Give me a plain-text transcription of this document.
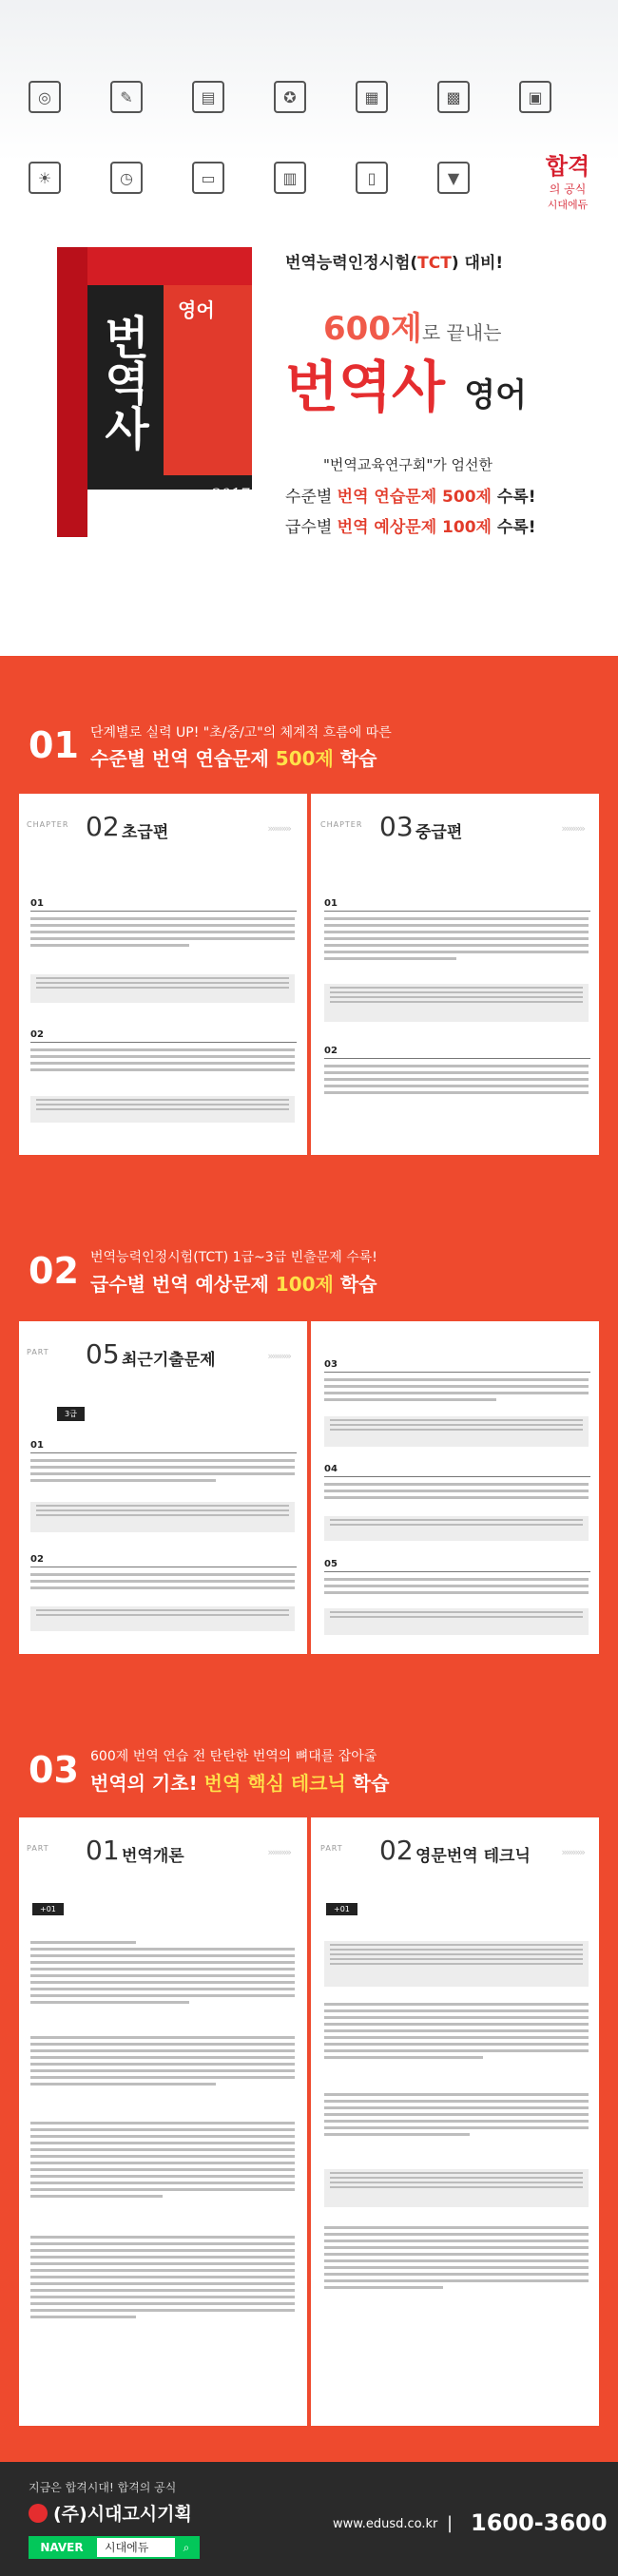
◎	✎	▤	✪	▦	▩	▣
☀	◷	▭	▥	▯	▼	합격
의 공식
시대에듀
번역사
영어
2017
번역능력인정시험(TCT) 대비!
600제로 끝내는
번역사 영어
"번역교육연구회"가 엄선한
수준별 번역 연습문제 500제 수록!
급수별 번역 예상문제 100제 수록!
01 단계별로 실력 UP! "초/중/고"의 체계적 흐름에 따른
수준별 번역 연습문제 500제 학습
CHAPTER 02 초급편	»»»»»
01
02
CHAPTER 03 중급편	»»»»»
01
02
02 번역능력인정시험(TCT) 1급~3급 빈출문제 수록!
급수별 번역 예상문제 100제 학습
PART 05 최근기출문제	»»»»»
3급
01
02
03
04
05
03 600제 번역 연습 전 탄탄한 번역의 뼈대를 잡아줄
번역의 기초! 번역 핵심 테크닉 학습
PART 01 번역개론	»»»»»
+01
PART 02 영문번역 테크닉	»»»»»
+01
지금은 합격시대! 합격의 공식
(주)시대고시기획
NAVER	시대에듀	⌕
www.edusd.co.kr | 1600-3600
